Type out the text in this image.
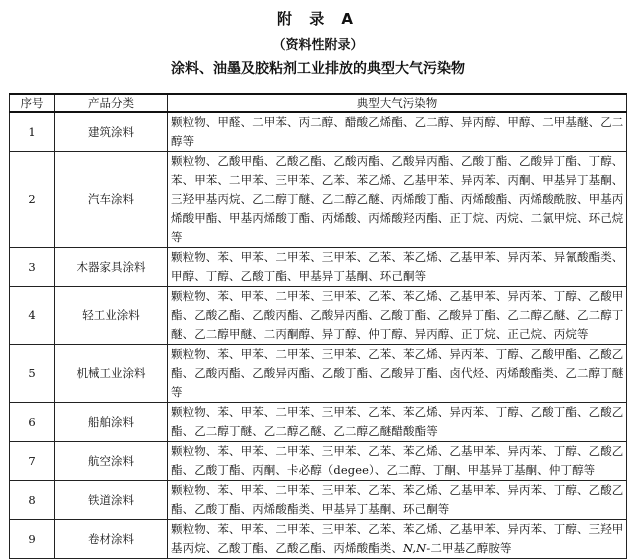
附 录 A
（资料性附录）
涂料、油墨及胶粘剂工业排放的典型大气污染物
序号	产品分类	典型大气污染物
1	建筑涂料	颗粒物、甲醛、二甲苯、丙二醇、醋酸乙烯酯、乙二醇、异丙醇、甲醇、二甲基醚、乙二醇等
2	汽车涂料	颗粒物、乙酸甲酯、乙酸乙酯、乙酸丙酯、乙酸异丙酯、乙酸丁酯、乙酸异丁酯、丁醇、苯、甲苯、二甲苯、三甲苯、乙苯、苯乙烯、乙基甲苯、异丙苯、丙酮、甲基异丁基酮、三羟甲基丙烷、乙二醇丁醚、乙二醇乙醚、丙烯酸丁酯、丙烯酸酯、丙烯酸酰胺、甲基丙烯酸甲酯、甲基丙烯酸丁酯、丙烯酸、丙烯酸羟丙酯、正丁烷、丙烷、二氯甲烷、环己烷等
3	木器家具涂料	颗粒物、苯、甲苯、二甲苯、三甲苯、乙苯、苯乙烯、乙基甲苯、异丙苯、异氰酸酯类、甲醇、丁醇、乙酸丁酯、甲基异丁基酮、环己酮等
4	轻工业涂料	颗粒物、苯、甲苯、二甲苯、三甲苯、乙苯、苯乙烯、乙基甲苯、异丙苯、丁醇、乙酸甲酯、乙酸乙酯、乙酸丙酯、乙酸异丙酯、乙酸丁酯、乙酸异丁酯、乙二醇乙醚、乙二醇丁醚、乙二醇甲醚、二丙酮醇、异丁醇、仲丁醇、异丙醇、正丁烷、正己烷、丙烷等
5	机械工业涂料	颗粒物、苯、甲苯、二甲苯、三甲苯、乙苯、苯乙烯、异丙苯、丁醇、乙酸甲酯、乙酸乙酯、乙酸丙酯、乙酸异丙酯、乙酸丁酯、乙酸异丁酯、卤代烃、丙烯酸酯类、乙二醇丁醚等
6	船舶涂料	颗粒物、苯、甲苯、二甲苯、三甲苯、乙苯、苯乙烯、异丙苯、丁醇、乙酸丁酯、乙酸乙酯、乙二醇丁醚、乙二醇乙醚、乙二醇乙醚醋酸酯等
7	航空涂料	颗粒物、苯、甲苯、二甲苯、三甲苯、乙苯、苯乙烯、乙基甲苯、异丙苯、丁醇、乙酸乙酯、乙酸丁酯、丙酮、卡必醇（degee）、乙二醇、丁酮、甲基异丁基酮、仲丁醇等
8	铁道涂料	颗粒物、苯、甲苯、二甲苯、三甲苯、乙苯、苯乙烯、乙基甲苯、异丙苯、丁醇、乙酸乙酯、乙酸丁酯、丙烯酸酯类、甲基异丁基酮、环己酮等
9	卷材涂料	颗粒物、苯、甲苯、二甲苯、三甲苯、乙苯、苯乙烯、乙基甲苯、异丙苯、丁醇、三羟甲基丙烷、乙酸丁酯、乙酸乙酯、丙烯酸酯类、N,N-二甲基乙醇胺等
